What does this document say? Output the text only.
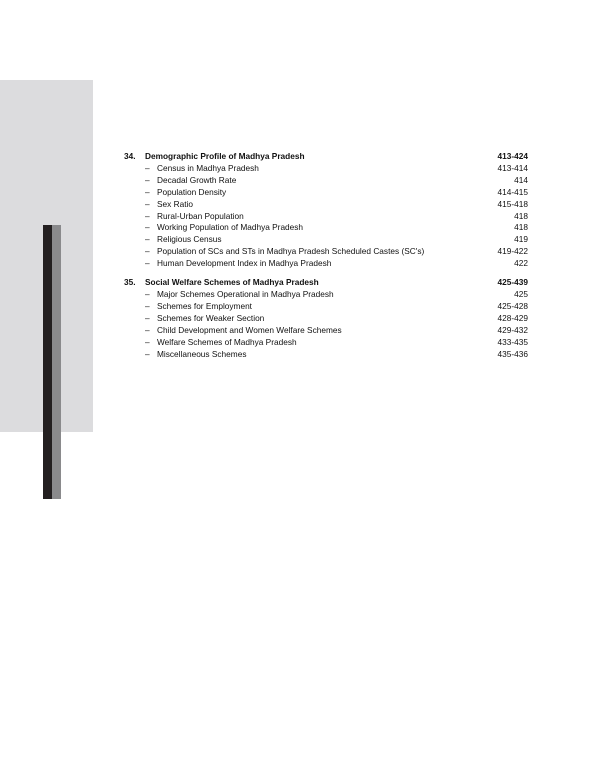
34.	Demographic Profile of Madhya Pradesh	413-424
– Census in Madhya Pradesh	413-414
– Decadal Growth Rate	414
– Population Density	414-415
– Sex Ratio	415-418
– Rural-Urban Population	418
– Working Population of Madhya Pradesh	418
– Religious Census	419
– Population of SCs and STs in Madhya Pradesh Scheduled Castes (SC's)	419-422
– Human Development Index in Madhya Pradesh	422
35.	Social Welfare Schemes of Madhya Pradesh	425-439
– Major Schemes Operational in Madhya Pradesh	425
– Schemes for Employment	425-428
– Schemes for Weaker Section	428-429
– Child Development and Women Welfare Schemes	429-432
– Welfare Schemes of Madhya Pradesh	433-435
– Miscellaneous Schemes	435-436
